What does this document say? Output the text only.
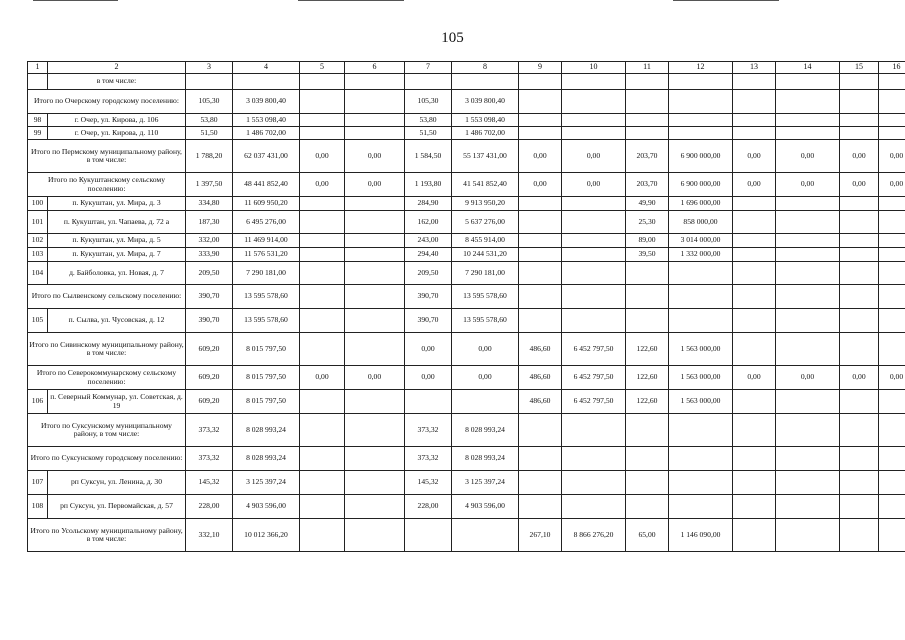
105
1	2	3	4	5	6	7	8	9	10	11	12	13	14	15	16
	в том числе:														
Итого по Очерскому городскому поселению:		105,30	3 039 800,40			105,30	3 039 800,40								
98	г. Очер, ул. Кирова, д. 106	53,80	1 553 098,40			53,80	1 553 098,40								
99	г. Очер, ул. Кирова, д. 110	51,50	1 486 702,00			51,50	1 486 702,00								
Итого по Пермскому муниципальному району, в том числе:		1 788,20	62 037 431,00	0,00	0,00	1 584,50	55 137 431,00	0,00	0,00	203,70	6 900 000,00	0,00	0,00	0,00	0,00
Итого по Кукуштанскому сельскому поселению:		1 397,50	48 441 852,40	0,00	0,00	1 193,80	41 541 852,40	0,00	0,00	203,70	6 900 000,00	0,00	0,00	0,00	0,00
100	п. Кукуштан, ул. Мира, д. 3	334,80	11 609 950,20			284,90	9 913 950,20			49,90	1 696 000,00				
101	п. Кукуштан, ул. Чапаева, д. 72 а	187,30	6 495 276,00			162,00	5 637 276,00			25,30	858 000,00				
102	п. Кукуштан, ул. Мира, д. 5	332,00	11 469 914,00			243,00	8 455 914,00			89,00	3 014 000,00				
103	п. Кукуштан, ул. Мира, д. 7	333,90	11 576 531,20			294,40	10 244 531,20			39,50	1 332 000,00				
104	д. Байболовка, ул. Новая, д. 7	209,50	7 290 181,00			209,50	7 290 181,00								
Итого по Сылвенскому сельскому поселению:		390,70	13 595 578,60			390,70	13 595 578,60								
105	п. Сылва, ул. Чусовская, д. 12	390,70	13 595 578,60			390,70	13 595 578,60								
Итого по Сивинскому муниципальному району, в том числе:		609,20	8 015 797,50			0,00	0,00	486,60	6 452 797,50	122,60	1 563 000,00				
Итого по Северокоммунарскому сельскому поселению:		609,20	8 015 797,50	0,00	0,00	0,00	0,00	486,60	6 452 797,50	122,60	1 563 000,00	0,00	0,00	0,00	0,00
106	п. Северный Коммунар, ул. Советская, д. 19	609,20	8 015 797,50					486,60	6 452 797,50	122,60	1 563 000,00				
Итого по Суксунскому муниципальному району, в том числе:		373,32	8 028 993,24			373,32	8 028 993,24								
Итого по Суксунскому городскому поселению:		373,32	8 028 993,24			373,32	8 028 993,24								
107	рп Суксун, ул. Ленина, д. 30	145,32	3 125 397,24			145,32	3 125 397,24								
108	рп Суксун, ул. Первомайская, д. 57	228,00	4 903 596,00			228,00	4 903 596,00								
Итого по Усольскому муниципальному району, в том числе:		332,10	10 012 366,20					267,10	8 866 276,20	65,00	1 146 090,00				
